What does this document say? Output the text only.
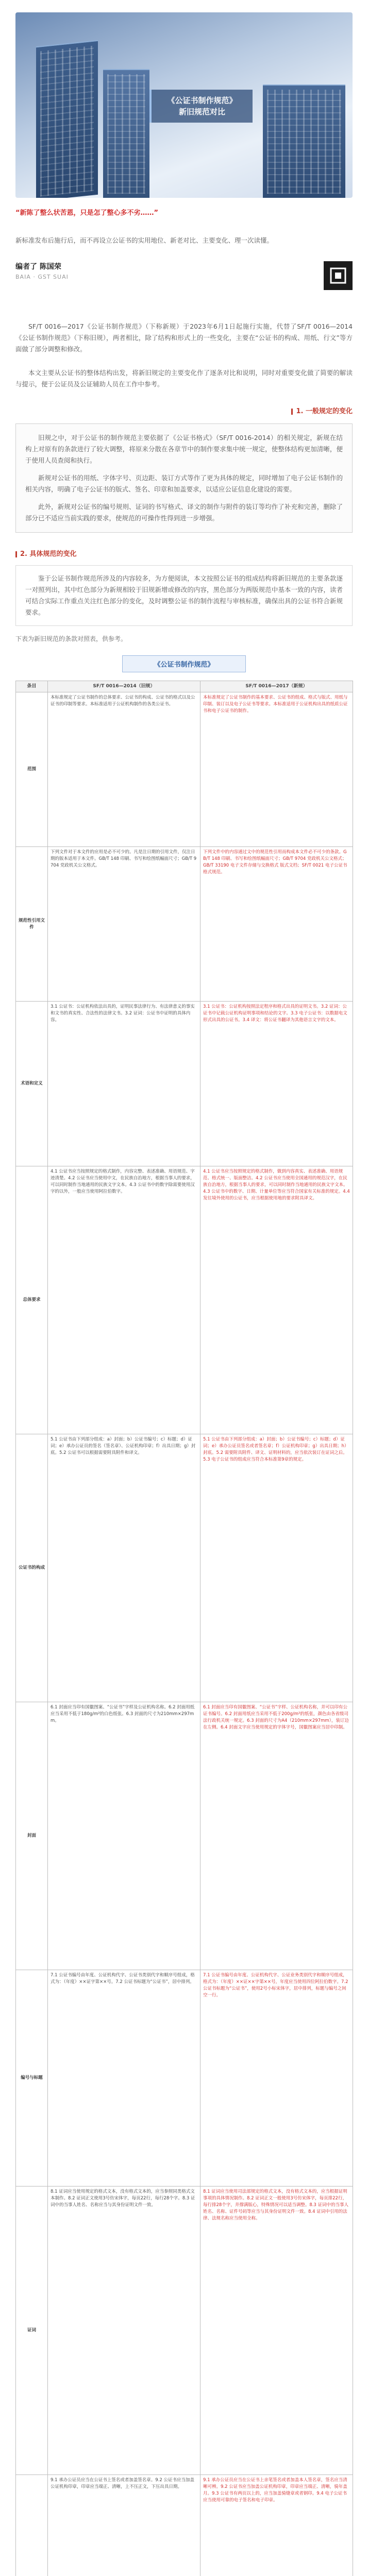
《公证书制作规范》
新旧规范对比
“新陈了整么状苦恩，只是怎了整心多不劣……”
新标准发布后施行后，而不再设立公证书的实用地位、新老对比、主要变化、理一次读懂。
编者了 陈国荣
BAIA · GST SUAI

SF/T 0016—2017《公证书制作规范》（下称新规）于2023年6月1日起施行实施，代替了SF/T 0016—2014《公证书制作规范》（下称旧规），两者相比，除了结构和形式上的一些变化，主要在“公证书的构成、用纸、行文”等方面做了部分调整和修改。

本文主要从公证书的整体结构出发，将新旧规定的主要变化作了逐条对比和说明，同时对重要变化做了简要的解读与提示，便于公证员及公证辅助人员在工作中参考。

1. 一般规定的变化

旧规之中，对于公证书的制作规范主要依据了《公证书格式》（SF/T 0016-2014）的相关规定，新规在结构上对原有的条款进行了较大调整，将原来分散在各章节中的制作要求集中统一规定，使整体结构更加清晰，便于使用人员查阅和执行。

新规对公证书的用纸、字体字号、页边距、装订方式等作了更为具体的规定，同时增加了电子公证书制作的相关内容，明确了电子公证书的版式、签名、印章和加盖要求，以适应公证信息化建设的需要。

此外，新规对公证书的编号规则、证词的书写格式、译文的制作与附件的装订等均作了补充和完善，删除了部分已不适应当前实践的要求，使规范的可操作性得到进一步增强。

2. 具体规范的变化

鉴于公证书制作规范所涉及的内容较多，为方便阅读，本文按照公证书的组成结构将新旧规范的主要条款逐一对照列出，其中红色部分为新规相较于旧规新增或修改的内容，黑色部分为两版规范中基本一致的内容，读者可结合实际工作重点关注红色部分的变化，及时调整公证书的制作流程与审核标准，确保出具的公证书符合新规要求。

下表为新旧规范的条款对照表，供参考。

《公证书制作规范》
条目	SF/T 0016—2014（旧规）	SF/T 0016—2017（新规）
范围	本标准规定了公证书制作的总体要求、公证书的构成、公证书的格式以及公证书的印制等要求。本标准适用于公证机构制作的各类公证书。	本标准规定了公证书制作的基本要求、公证书的组成、格式与版式、用纸与印制、装订以及电子公证书等要求。本标准适用于公证机构出具的纸质公证书和电子公证书的制作。
规范性引用文件	下列文件对于本文件的应用是必不可少的。凡是注日期的引用文件，仅注日期的版本适用于本文件。GB/T 148 印刷、书写和绘图纸幅面尺寸；GB/T 9704 党政机关公文格式。	下列文件中的内容通过文中的规范性引用而构成本文件必不可少的条款。GB/T 148 印刷、书写和绘图纸幅面尺寸；GB/T 9704 党政机关公文格式；GB/T 33190 电子文件存储与交换格式 版式文档；SF/T 0021 电子公证书格式规范。
术语和定义	3.1 公证书：公证机构依法出具的，证明民事法律行为、有法律意义的事实和文书的真实性、合法性的法律文书。3.2 证词：公证书中证明的具体内容。	3.1 公证书：公证机构按照法定程序和格式出具的证明文书。3.2 证词：公证书中记载公证机构证明事项和结论的文字。3.3 电子公证书：以数据电文形式出具的公证书。3.4 译文：将公证书翻译为其他语言文字的文本。
总体要求	4.1 公证书应当按照规定的格式制作，内容完整、表述准确、用语规范、字迹清楚。4.2 公证书应当使用中文，在民族自治地方，根据当事人的要求，可以同时制作当地通用的民族文字文本。4.3 公证书中的数字除需要使用汉字的以外，一般应当使用阿拉伯数字。	4.1 公证书应当按照规定的格式制作，做到内容真实、表述准确、用语规范、格式统一、版面整洁。4.2 公证书应当使用全国通用的规范汉字，在民族自治地方，根据当事人的要求，可以同时制作当地通用的民族文字文本。4.3 公证书中的数字、日期、计量单位等应当符合国家有关标准的规定。4.4 发往境外使用的公证书，应当根据使用地的要求附具译文。
公证书的构成	5.1 公证书由下列部分组成：a）封面；b）公证书编号；c）标题；d）证词；e）承办公证员的签名（签名章）、公证机构印章；f）出具日期；g）封底。5.2 公证书可以根据需要附具附件和译文。	5.1 公证书由下列部分组成：a）封面；b）公证书编号；c）标题；d）证词；e）承办公证员签名或者签名章；f）公证机构印章；g）出具日期；h）封底。5.2 需要附具附件、译文、证明材料的，应当依次装订在证词之后。5.3 电子公证书的组成应当符合本标准第9章的规定。
封面	6.1 封面应当印有国徽图案、“公证书”字样及公证机构名称。6.2 封面用纸应当采用不低于180g/m²的白色纸张。6.3 封面的尺寸为210mm×297mm。	6.1 封面应当印有国徽图案、“公证书”字样、公证机构名称，并可以印有公证书编号。6.2 封面用纸应当采用不低于200g/m²的纸张，颜色由各省级司法行政机关统一规定。6.3 封面的尺寸为A4（210mm×297mm），装订边在左侧。6.4 封面文字应当使用规定的字体字号，国徽图案应当居中印制。
编号与标题	7.1 公证书编号由年度、公证机构代字、公证书类别代字和顺序号组成，格式为：（年度）××证字第××号。7.2 公证书标题为“公证书”，居中排列。	7.1 公证书编号由年度、公证机构代字、公证业务类别代字和顺序号组成，格式为：（年度）××证××字第××号，年度应当使用四位阿拉伯数字。7.2 公证书标题为“公证书”，使用2号小标宋体字，居中排列，标题与编号之间空一行。
证词	8.1 证词应当使用规定的格式文本，没有格式文本的，应当参照同类格式文本制作。8.2 证词正文使用3号仿宋体字，每页22行，每行28个字。8.3 证词中的当事人姓名、名称应当与其身份证明文件一致。	8.1 证词应当使用司法部规定的格式文本，没有格式文本的，应当根据证明事项的具体情况制作。8.2 证词正文一般使用3号仿宋体字，每页排22行，每行排28个字，并撑满版心，特殊情况可以适当调整。8.3 证词中的当事人姓名、名称、证件号码等应当与其身份证明文件一致。8.4 证词中引用的法律、法规名称应当使用全称。
	9.1 承办公证员应当在公证书上签名或者加盖签名章。9.2 公证书应当加盖公证机构印章，印章应当端正、清晰，上不压正文，下压出具日期。	9.1 承办公证员应当在公证书上亲笔签名或者加盖本人签名章，签名应当清晰可辨。9.2 公证书应当加盖公证机构印章，印章应当端正、清晰，骑年盖月。9.3 公证书有两页以上的，应当加盖骑缝章或者钢印。9.4 电子公证书应当使用可靠的电子签名和电子印章。
